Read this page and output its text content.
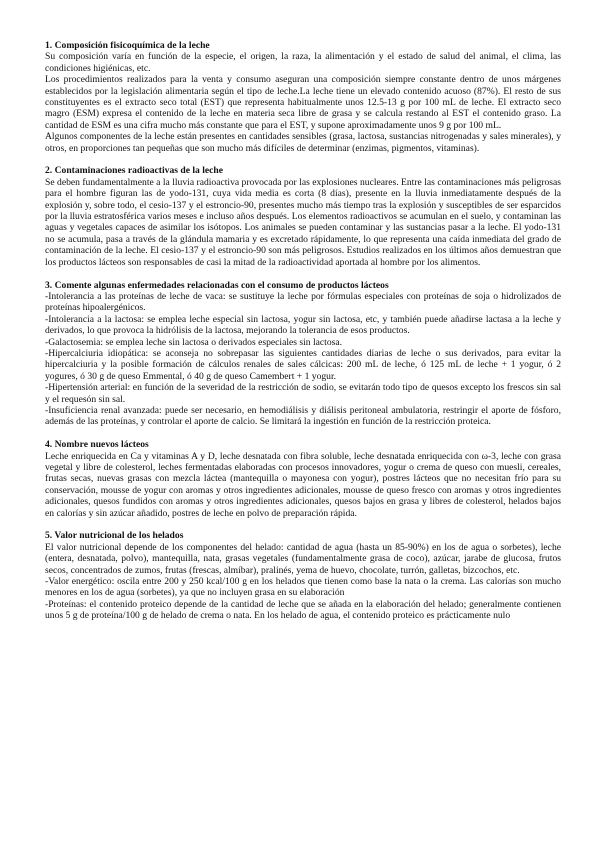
1. Composición fisicoquímica de la leche

Su composición varía en función de la especie, el origen, la raza, la alimentación y el estado de salud del animal, el clima, las condiciones higiénicas, etc.

Los procedimientos realizados para la venta y consumo aseguran una composición siempre constante dentro de unos márgenes establecidos por la legislación alimentaria según el tipo de leche.La leche tiene un elevado contenido acuoso (87%). El resto de sus constituyentes es el extracto seco total (EST) que representa habitualmente unos 12.5-13 g por 100 mL de leche. El extracto seco magro (ESM) expresa el contenido de la leche en materia seca libre de grasa y se calcula restando al EST el contenido graso. La cantidad de ESM es una cifra mucho más constante que para el EST, y supone aproximadamente unos 9 g por 100 mL.

Algunos componentes de la leche están presentes en cantidades sensibles (grasa, lactosa, sustancias nitrogenadas y sales minerales), y otros, en proporciones tan pequeñas que son mucho más difíciles de determinar (enzimas, pigmentos, vitaminas).

2. Contaminaciones radioactivas de la leche

Se deben fundamentalmente a la lluvia radioactiva provocada por las explosiones nucleares. Entre las contaminaciones más peligrosas para el hombre figuran las de yodo-131, cuya vida media es corta (8 días), presente en la lluvia inmediatamente después de la explosión y, sobre todo, el cesio-137 y el estroncio-90, presentes mucho más tiempo tras la explosión y susceptibles de ser esparcidos por la lluvia estratosférica varios meses e incluso años después. Los elementos radioactivos se acumulan en el suelo, y contaminan las aguas y vegetales capaces de asimilar los isótopos. Los animales se pueden contaminar y las sustancias pasar a la leche. El yodo-131 no se acumula, pasa a través de la glándula mamaria y es excretado rápidamente, lo que representa una caída inmediata del grado de contaminación de la leche. El cesio-137 y el estroncio-90 son más peligrosos. Estudios realizados en los últimos años demuestran que los productos lácteos son responsables de casi la mitad de la radioactividad aportada al hombre por los alimentos.

3. Comente algunas enfermedades relacionadas con el consumo de productos lácteos

-Intolerancia a las proteínas de leche de vaca: se sustituye la leche por fórmulas especiales con proteínas de soja o hidrolizados de proteínas hipoalergénicos.

-Intolerancia a la lactosa: se emplea leche especial sin lactosa, yogur sin lactosa, etc, y también puede añadirse lactasa a la leche y derivados, lo que provoca la hidrólisis de la lactosa, mejorando la tolerancia de esos productos.

-Galactosemia: se emplea leche sin lactosa o derivados especiales sin lactosa.

-Hipercalciuria idiopática: se aconseja no sobrepasar las siguientes cantidades diarias de leche o sus derivados, para evitar la hipercalciuria y la posible formación de cálculos renales de sales cálcicas: 200 mL de leche, ó 125 mL de leche + 1 yogur, ó 2 yogures, ó 30 g de queso Emmental, ó 40 g de queso Camembert + 1 yogur.

-Hipertensión arterial: en función de la severidad de la restricción de sodio, se evitarán todo tipo de quesos excepto los frescos sin sal y el requesón sin sal.

-Insuficiencia renal avanzada: puede ser necesario, en hemodiálisis y diálisis peritoneal ambulatoria, restringir el aporte de fósforo, además de las proteínas, y controlar el aporte de calcio. Se limitará la ingestión en función de la restricción proteica.

4. Nombre nuevos lácteos

Leche enriquecida en Ca y vitaminas A y D, leche desnatada con fibra soluble, leche desnatada enriquecida con ω-3, leche con grasa vegetal y libre de colesterol, leches fermentadas elaboradas con procesos innovadores, yogur o crema de queso con muesli, cereales, frutas secas, nuevas grasas con mezcla láctea (mantequilla o mayonesa con yogur), postres lácteos que no necesitan frío para su conservación, mousse de yogur con aromas y otros ingredientes adicionales, mousse de queso fresco con aromas y otros ingredientes adicionales, quesos fundidos con aromas y otros ingredientes adicionales, quesos bajos en grasa y libres de colesterol, helados bajos en calorías y sin azúcar añadido, postres de leche en polvo de preparación rápida.

5. Valor nutricional de los helados

El valor nutricional depende de los componentes del helado: cantidad de agua (hasta un 85-90%) en los de agua o sorbetes), leche (entera, desnatada, polvo), mantequilla, nata, grasas vegetales (fundamentalmente grasa de coco), azúcar, jarabe de glucosa, frutos secos, concentrados de zumos, frutas (frescas, almíbar), pralinés, yema de huevo, chocolate, turrón, galletas, bizcochos, etc.

-Valor energético: oscila entre 200 y 250 kcal/100 g en los helados que tienen como base la nata o la crema. Las calorías son mucho menores en los de agua (sorbetes), ya que no incluyen grasa en su elaboración

-Proteínas: el contenido proteico depende de la cantidad de leche que se añada en la elaboración del helado; generalmente contienen unos 5 g de proteína/100 g de helado de crema o nata. En los helado de agua, el contenido proteico es prácticamente nulo
